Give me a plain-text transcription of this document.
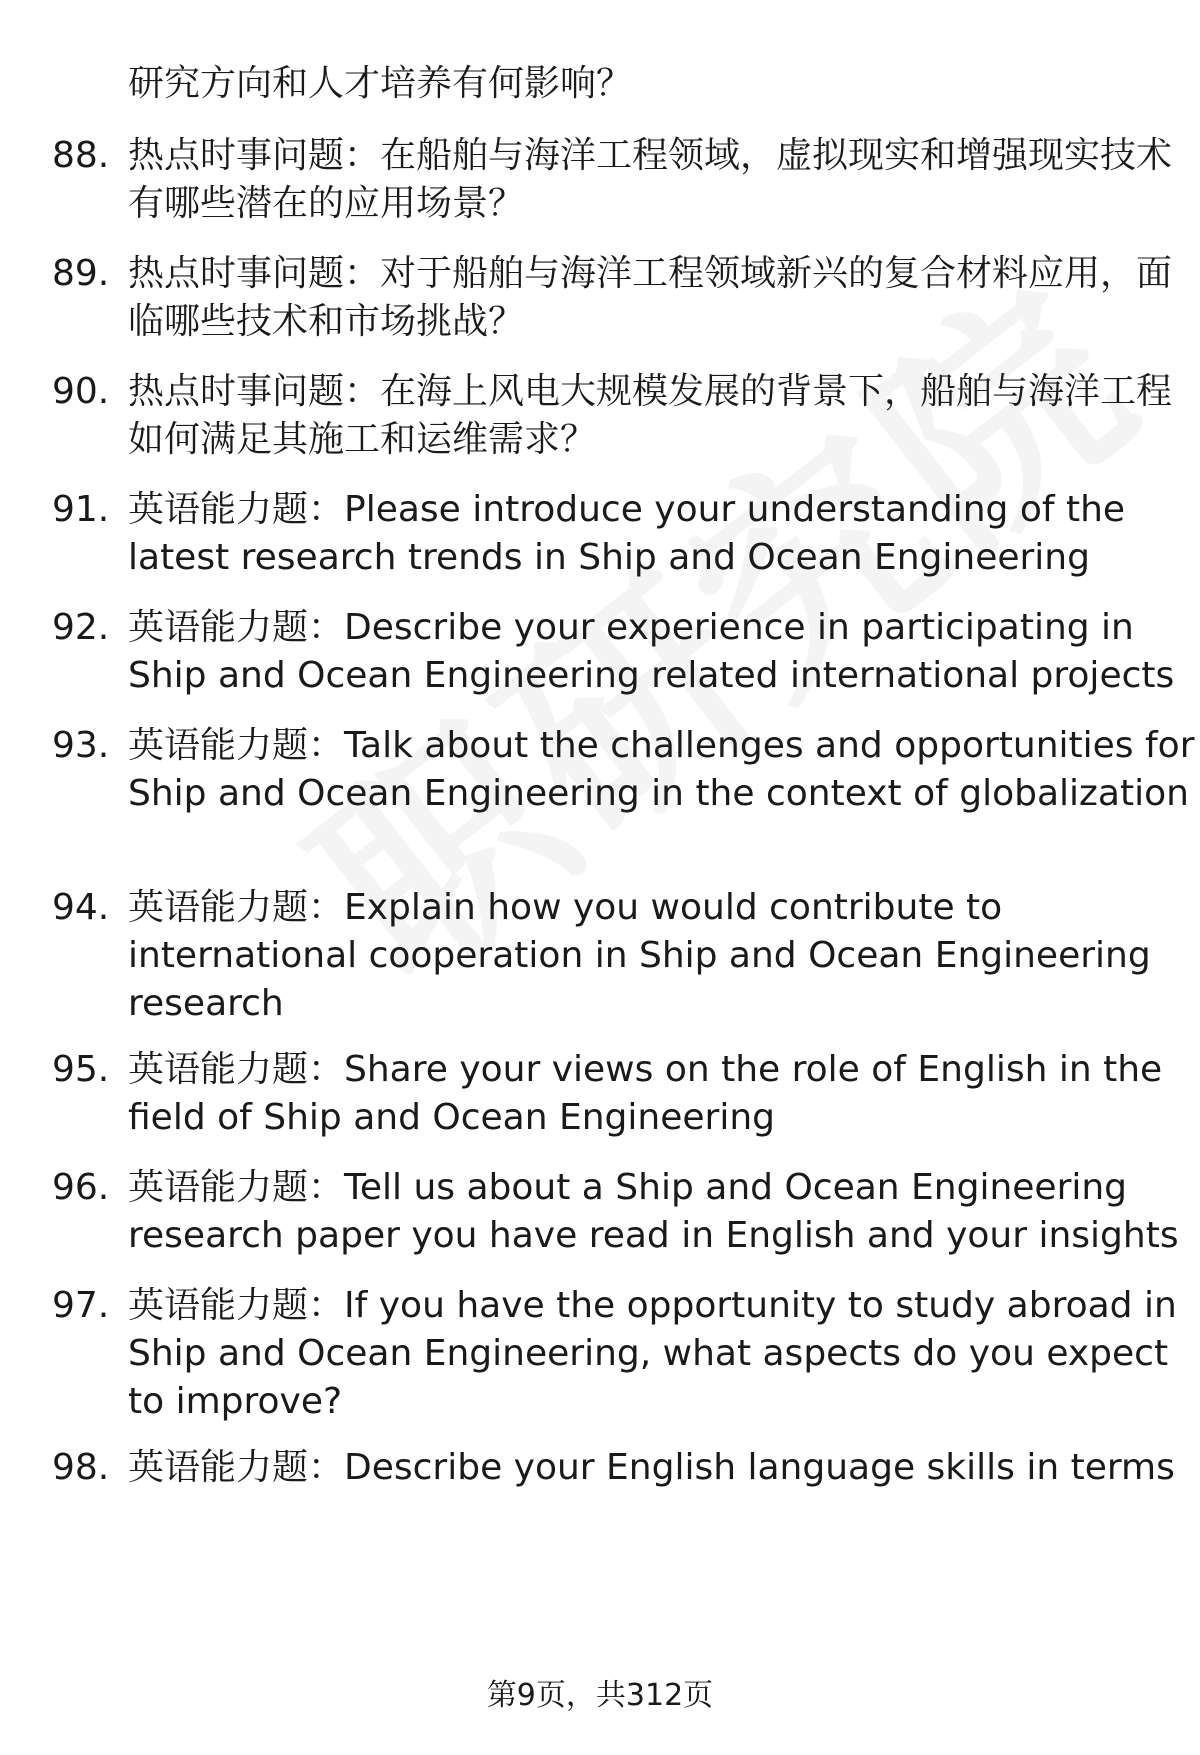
研究方向和人才培养有何影响？

88. 热点时事问题：在船舶与海洋工程领域，虚拟现实和增强现实技术有哪些潜在的应用场景？
89. 热点时事问题：对于船舶与海洋工程领域新兴的复合材料应用，面临哪些技术和市场挑战？
90. 热点时事问题：在海上风电大规模发展的背景下，船舶与海洋工程如何满足其施工和运维需求？
91. 英语能力题：Please introduce your understanding of the latest research trends in Ship and Ocean Engineering
92. 英语能力题：Describe your experience in participating in Ship and Ocean Engineering related international projects
93. 英语能力题：Talk about the challenges and opportunities for Ship and Ocean Engineering in the context of globalization
94. 英语能力题：Explain how you would contribute to international cooperation in Ship and Ocean Engineering research
95. 英语能力题：Share your views on the role of English in the field of Ship and Ocean Engineering
96. 英语能力题：Tell us about a Ship and Ocean Engineering research paper you have read in English and your insights
97. 英语能力题：If you have the opportunity to study abroad in Ship and Ocean Engineering, what aspects do you expect to improve?
98. 英语能力题：Describe your English language skills in terms
第9页，共312页
